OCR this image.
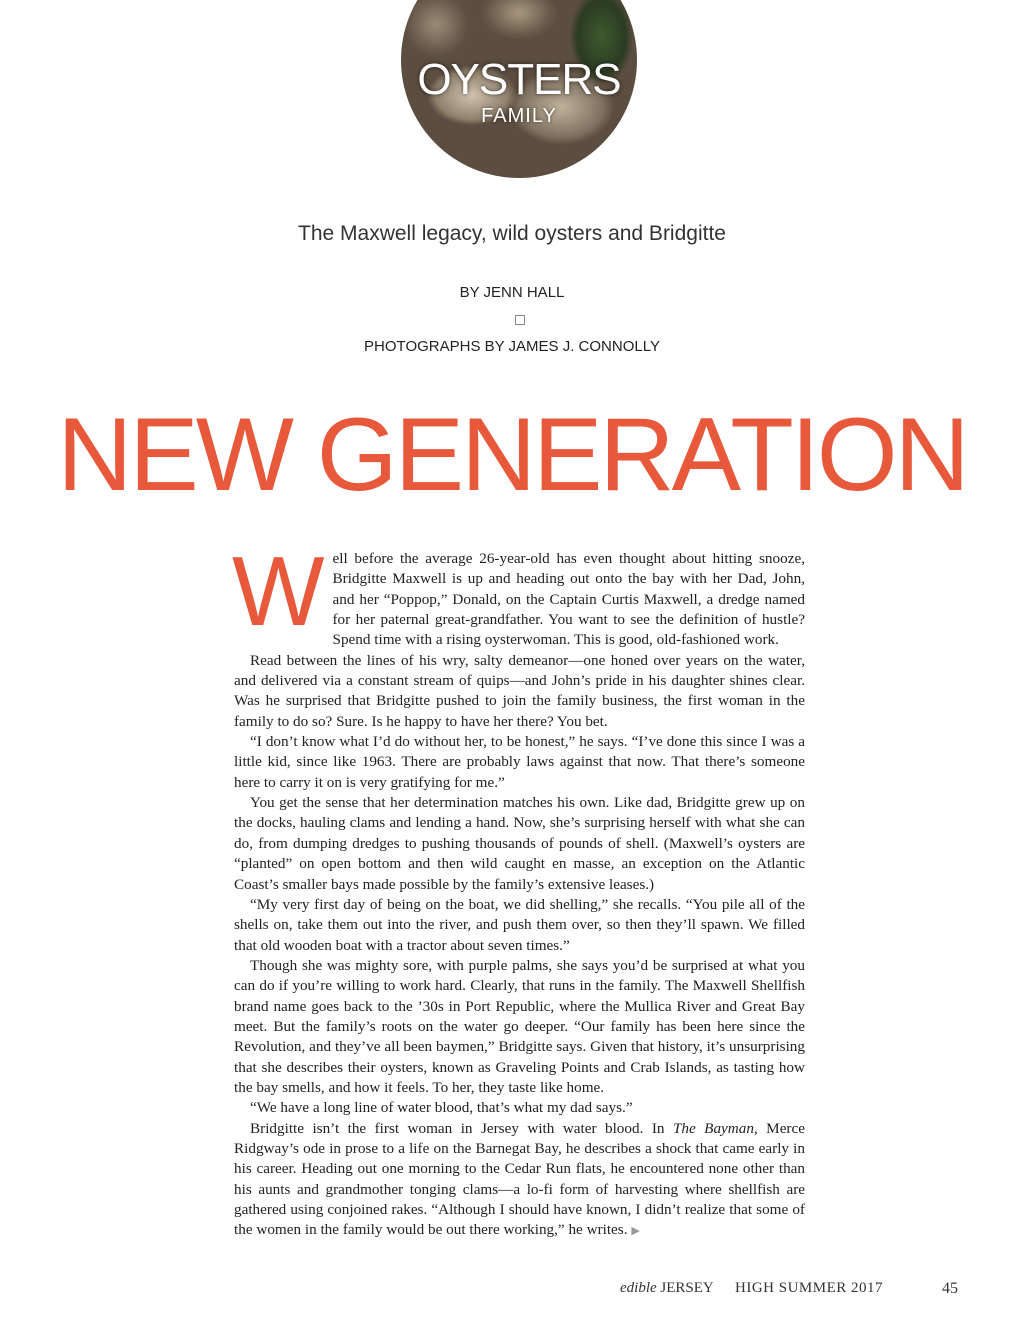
OYSTERS
FAMILY
The Maxwell legacy, wild oysters and Bridgitte
BY JENN HALL
PHOTOGRAPHS BY JAMES J. CONNOLLY
NEW GENERATION

Well before the average 26-year-old has even thought about hitting snooze, Bridgitte Maxwell is up and heading out onto the bay with her Dad, John, and her “Poppop,” Donald, on the Captain Curtis Maxwell, a dredge named for her paternal great-grandfather. You want to see the definition of hustle? Spend time with a rising oysterwoman. This is good, old-fashioned work.

Read between the lines of his wry, salty demeanor—one honed over years on the water, and delivered via a constant stream of quips—and John’s pride in his daughter shines clear. Was he surprised that Bridgitte pushed to join the family business, the first woman in the family to do so? Sure. Is he happy to have her there? You bet.

“I don’t know what I’d do without her, to be honest,” he says. “I’ve done this since I was a little kid, since like 1963. There are probably laws against that now. That there’s someone here to carry it on is very gratifying for me.”

You get the sense that her determination matches his own. Like dad, Bridgitte grew up on the docks, hauling clams and lending a hand. Now, she’s surprising herself with what she can do, from dumping dredges to pushing thousands of pounds of shell. (Maxwell’s oysters are “planted” on open bottom and then wild caught en masse, an exception on the Atlantic Coast’s smaller bays made possible by the family’s extensive leases.)

“My very first day of being on the boat, we did shelling,” she recalls. “You pile all of the shells on, take them out into the river, and push them over, so then they’ll spawn. We filled that old wooden boat with a tractor about seven times.”

Though she was mighty sore, with purple palms, she says you’d be surprised at what you can do if you’re willing to work hard. Clearly, that runs in the family. The Maxwell Shellfish brand name goes back to the ’30s in Port Republic, where the Mullica River and Great Bay meet. But the family’s roots on the water go deeper. “Our family has been here since the Revolution, and they’ve all been baymen,” Bridgitte says. Given that history, it’s unsurprising that she describes their oysters, known as Graveling Points and Crab Islands, as tasting how the bay smells, and how it feels. To her, they taste like home.

“We have a long line of water blood, that’s what my dad says.”

Bridgitte isn’t the first woman in Jersey with water blood. In The Bayman, Merce Ridgway’s ode in prose to a life on the Barnegat Bay, he describes a shock that came early in his career. Heading out one morning to the Cedar Run flats, he encountered none other than his aunts and grandmother tonging clams—a lo-fi form of harvesting where shellfish are gathered using conjoined rakes. “Although I should have known, I didn’t realize that some of the women in the family would be out there working,” he writes. ▶

edible JERSEY HIGH SUMMER 2017	45
